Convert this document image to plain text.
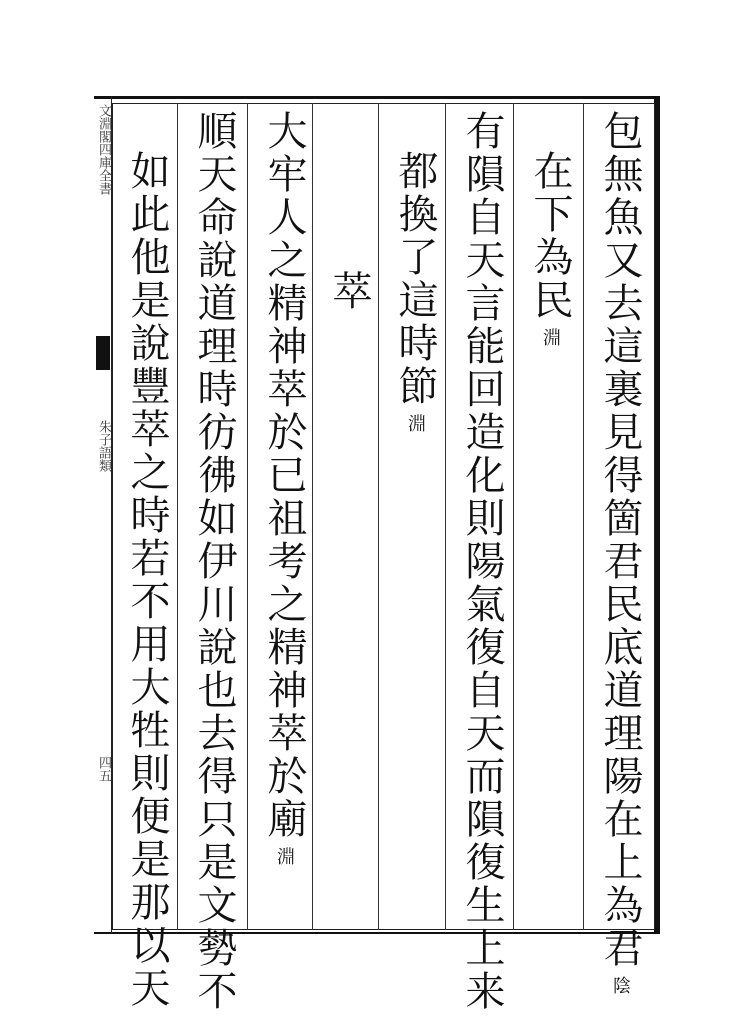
文淵閣四庫全書
朱子語類
四五	包無魚又去這裏見得箇君民底道理陽在上為君陰
在下為民淵
有隕自天言能回造化則陽氣復自天而隕復生上来
都換了這時節淵
萃
大牢人之精神萃於已祖考之精神萃於廟淵
順天命說道理時彷彿如伊川說也去得只是文勢不
如此他是說豐萃之時若不用大牲則便是那以天
